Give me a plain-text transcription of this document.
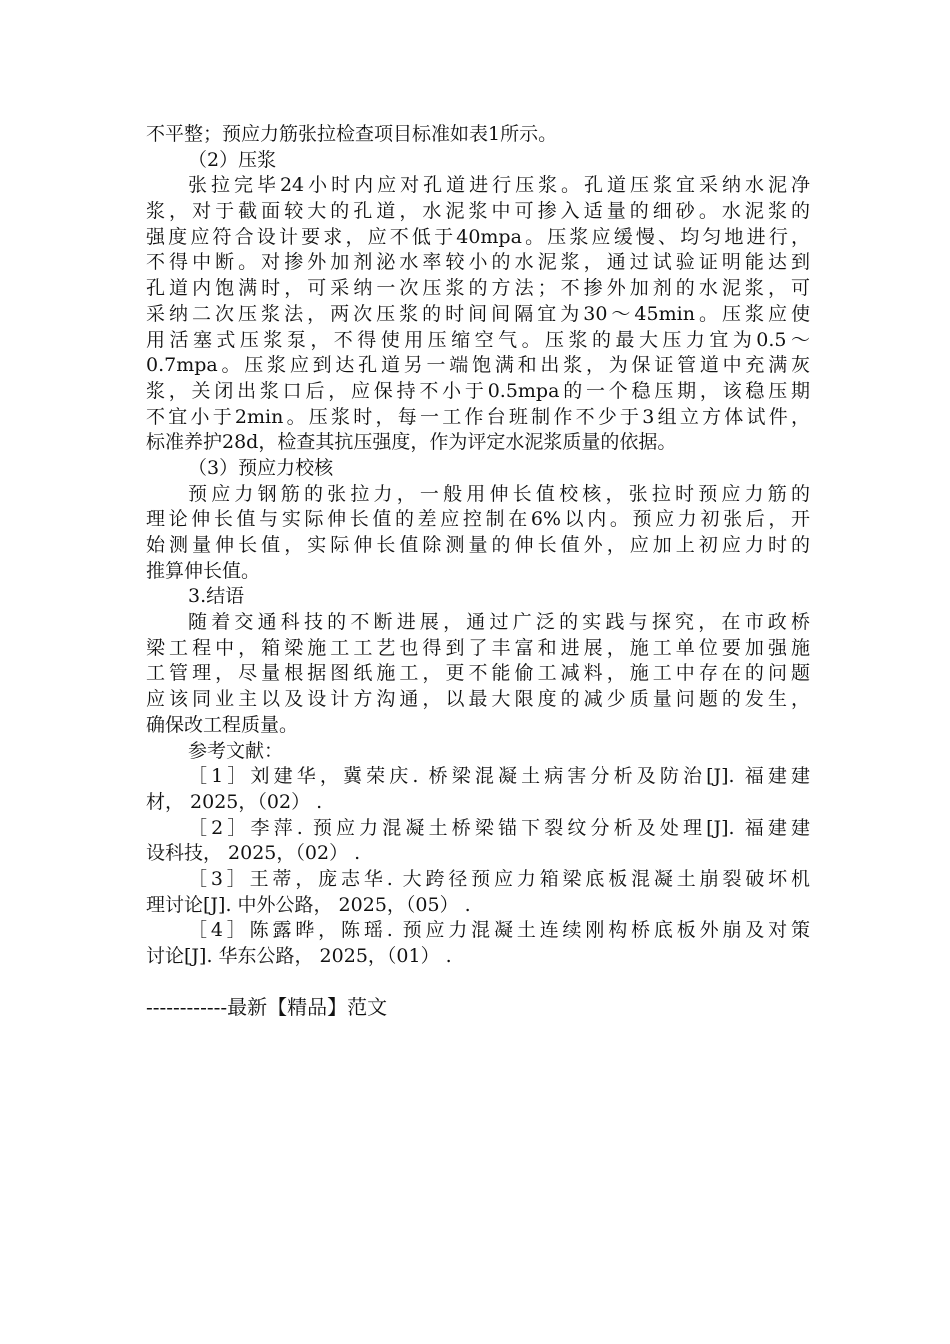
不平整；预应力筋张拉检查项目标准如表1所示。
（2）压浆
张拉完毕24小时内应对孔道进行压浆。孔道压浆宜采纳水泥净
浆，对于截面较大的孔道，水泥浆中可掺入适量的细砂。水泥浆的
强度应符合设计要求，应不低于40mpa。压浆应缓慢、均匀地进行，
不得中断。对掺外加剂泌水率较小的水泥浆，通过试验证明能达到
孔道内饱满时，可采纳一次压浆的方法；不掺外加剂的水泥浆，可
采纳二次压浆法，两次压浆的时间间隔宜为30～45min。压浆应使
用活塞式压浆泵，不得使用压缩空气。压浆的最大压力宜为0.5～
0.7mpa。压浆应到达孔道另一端饱满和出浆，为保证管道中充满灰
浆，关闭出浆口后，应保持不小于0.5mpa的一个稳压期，该稳压期
不宜小于2min。压浆时，每一工作台班制作不少于3组立方体试件，
标准养护28d，检查其抗压强度，作为评定水泥浆质量的依据。
（3）预应力校核
预应力钢筋的张拉力，一般用伸长值校核，张拉时预应力筋的
理论伸长值与实际伸长值的差应控制在6%以内。预应力初张后，开
始测量伸长值，实际伸长值除测量的伸长值外，应加上初应力时的
推算伸长值。
3.结语
随着交通科技的不断进展，通过广泛的实践与探究，在市政桥
梁工程中，箱梁施工工艺也得到了丰富和进展，施工单位要加强施
工管理，尽量根据图纸施工，更不能偷工减料，施工中存在的问题
应该同业主以及设计方沟通，以最大限度的减少质量问题的发生，
确保改工程质量。
参考文献：
［1］刘建华，冀荣庆. 桥梁混凝土病害分析及防治[J]. 福建建
材， 2025，（02） .
［2］李萍. 预应力混凝土桥梁锚下裂纹分析及处理[J]. 福建建
设科技， 2025，（02） .
［3］王蒂，庞志华. 大跨径预应力箱梁底板混凝土崩裂破坏机
理讨论[J]. 中外公路， 2025，（05） .
［4］陈露晔，陈瑶. 预应力混凝土连续刚构桥底板外崩及对策
讨论[J]. 华东公路， 2025，（01） .
------------最新【精品】范文
